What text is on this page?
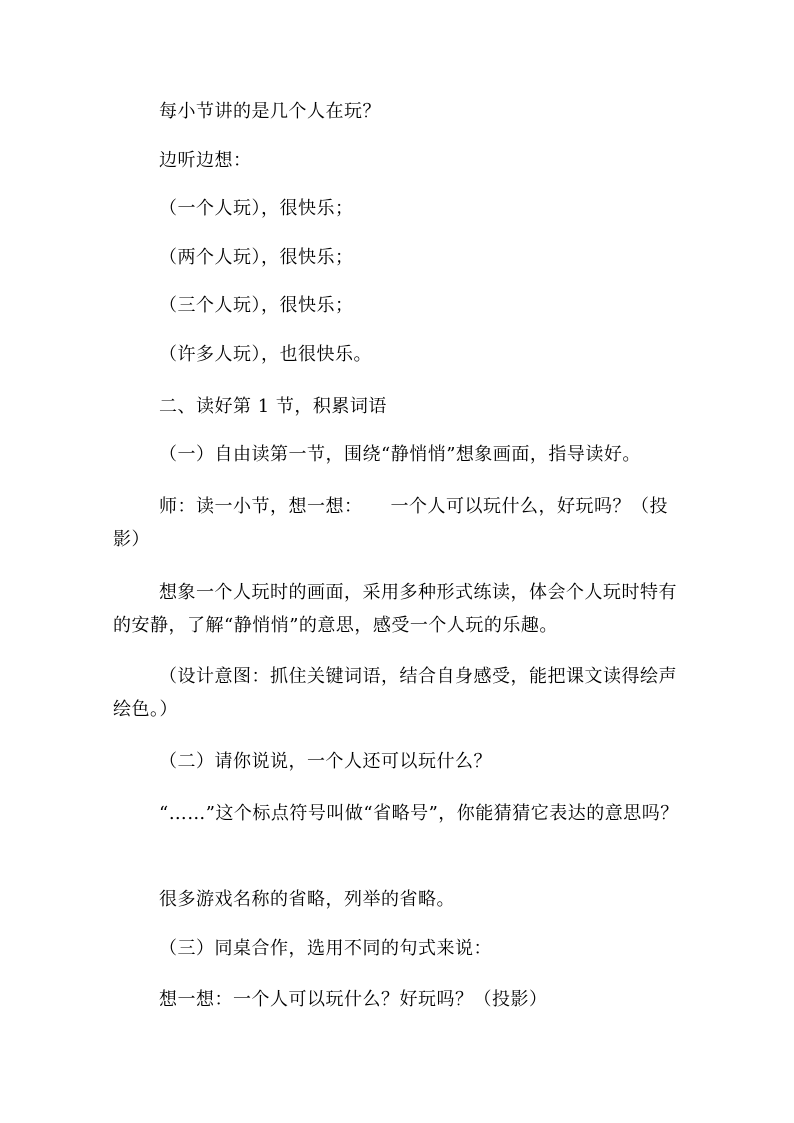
每小节讲的是几个人在玩？

边听边想：

（一个人玩），很快乐；

（两个人玩），很快乐；

（三个人玩），很快乐；

（许多人玩），也很快乐。

二、读好第 1 节，积累词语

（一）自由读第一节，围绕“静悄悄”想象画面，指导读好。

师：读一小节，想一想：　　一个人可以玩什么，好玩吗？（投影）

想象一个人玩时的画面，采用多种形式练读，体会个人玩时特有的安静，了解“静悄悄”的意思，感受一个人玩的乐趣。

（设计意图：抓住关键词语，结合自身感受，能把课文读得绘声绘色。）

（二）请你说说，一个人还可以玩什么？

“……”这个标点符号叫做“省略号”，你能猜猜它表达的意思吗？

很多游戏名称的省略，列举的省略。

（三）同桌合作，选用不同的句式来说：

想一想：一个人可以玩什么？好玩吗？（投影）
